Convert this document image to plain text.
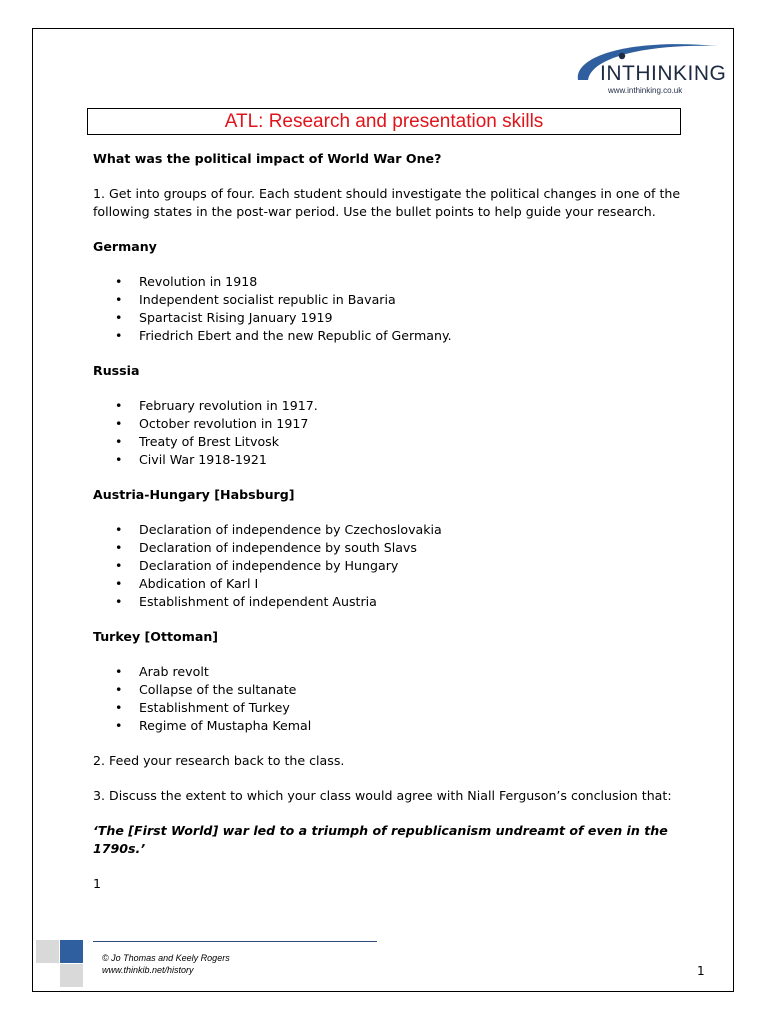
INTHINKING
www.inthinking.co.uk
ATL: Research and presentation skills

What was the political impact of World War One?

1. Get into groups of four. Each student should investigate the political changes in one of the following states in the post-war period. Use the bullet points to help guide your research.

Germany

• Revolution in 1918
• Independent socialist republic in Bavaria
• Spartacist Rising January 1919
• Friedrich Ebert and the new Republic of Germany.

Russia

• February revolution in 1917.
• October revolution in 1917
• Treaty of Brest Litvosk
• Civil War 1918-1921

Austria-Hungary [Habsburg]

• Declaration of independence by Czechoslovakia
• Declaration of independence by south Slavs
• Declaration of independence by Hungary
• Abdication of Karl I
• Establishment of independent Austria

Turkey [Ottoman]

• Arab revolt
• Collapse of the sultanate
• Establishment of Turkey
• Regime of Mustapha Kemal

2. Feed your research back to the class.

3. Discuss the extent to which your class would agree with Niall Ferguson’s conclusion that:

‘The [First World] war led to a triumph of republicanism undreamt of even in the 1790s.’

1

© Jo Thomas and Keely Rogers
www.thinkib.net/history	1
